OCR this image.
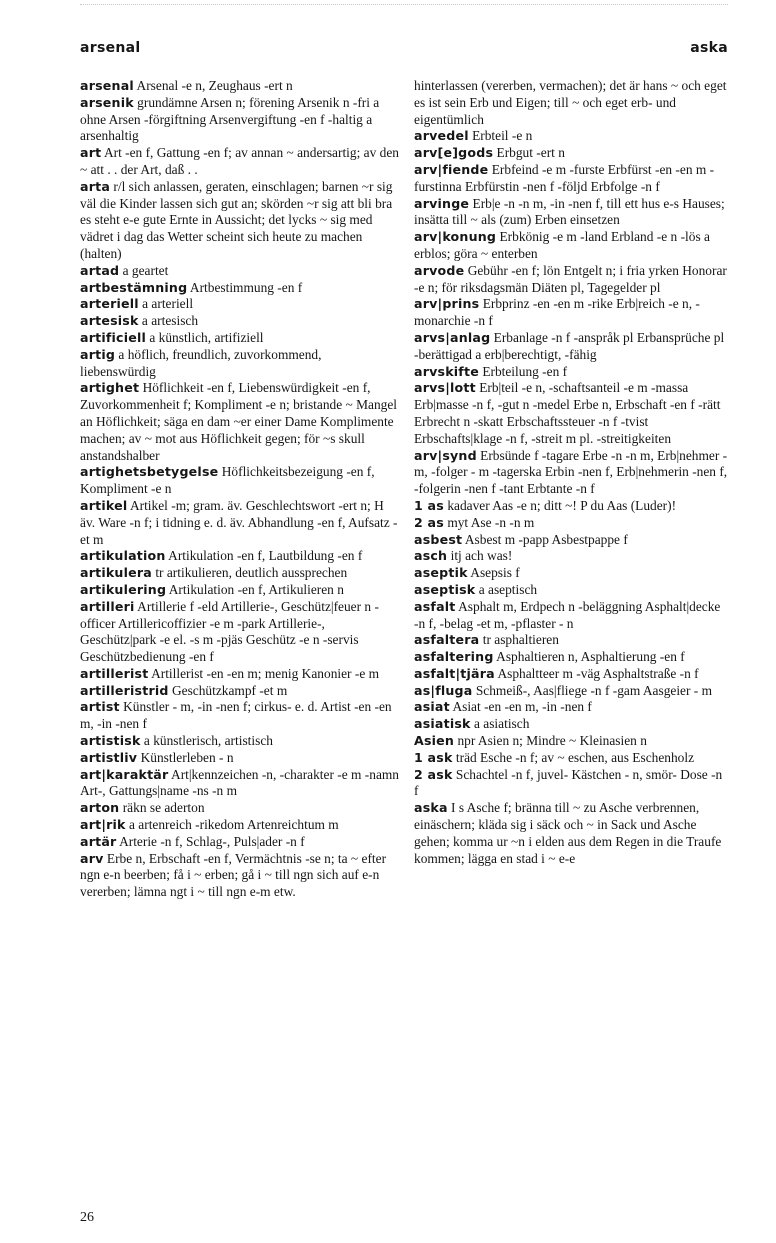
arsenal	aska
arsenal Arsenal -e n, Zeughaus -ert n
arsenik grundämne Arsen n; förening Arsenik n -fri a ohne Arsen -förgiftning Arsenvergiftung -en f -haltig a arsenhaltig
art Art -en f, Gattung -en f; av annan ~ andersartig; av den ~ att . . der Art, daß . .
arta r/l sich anlassen, geraten, einschlagen; barnen ~r sig väl die Kinder lassen sich gut an; skörden ~r sig att bli bra es steht e-e gute Ernte in Aussicht; det lycks ~ sig med vädret i dag das Wetter scheint sich heute zu machen (halten)
artad a geartet
artbestämning Artbestimmung -en f
arteriell a arteriell
artesisk a artesisch
artificiell a künstlich, artifiziell
artig a höflich, freundlich, zuvorkommend, liebenswürdig
artighet Höflichkeit -en f, Liebenswürdigkeit -en f, Zuvorkommenheit f; Kompliment -e n; bristande ~ Mangel an Höflichkeit; säga en dam ~er einer Dame Komplimente machen; av ~ mot aus Höflichkeit gegen; för ~s skull anstandshalber
artighetsbetygelse Höflichkeitsbezeigung -en f, Kompliment -e n
artikel Artikel -m; gram. äv. Geschlechtswort -ert n; H äv. Ware -n f; i tidning e. d. äv. Abhandlung -en f, Aufsatz -et m
artikulation Artikulation -en f, Lautbildung -en f
artikulera tr artikulieren, deutlich aussprechen
artikulering Artikulation -en f, Artikulieren n
artilleri Artillerie f -eld Artillerie-, Geschütz|feuer n -officer Artillericoffizier -e m -park Artillerie-, Geschütz|park -e el. -s m -pjäs Geschütz -e n -servis Geschützbedienung -en f
artillerist Artillerist -en -en m; menig Kanonier -e m
artilleristrid Geschützkampf -et m
artist Künstler - m, -in -nen f; cirkus- e. d. Artist -en -en m, -in -nen f
artistisk a künstlerisch, artistisch
artistliv Künstlerleben - n
art|karaktär Art|kennzeichen -n, -charakter -e m -namn Art-, Gattungs|name -ns -n m
arton räkn se aderton
art|rik a artenreich -rikedom Artenreichtum m
artär Arterie -n f, Schlag-, Puls|ader -n f
arv Erbe n, Erbschaft -en f, Vermächtnis -se n; ta ~ efter ngn e-n beerben; få i ~ erben; gå i ~ till ngn sich auf e-n vererben; lämna ngt i ~ till ngn e-m etw.
hinterlassen (vererben, vermachen); det är hans ~ och eget es ist sein Erb und Eigen; till ~ och eget erb- und eigentümlich
arvedel Erbteil -e n
arv[e]gods Erbgut -ert n
arv|fiende Erbfeind -e m -furste Erbfürst -en -en m -furstinna Erbfürstin -nen f -följd Erbfolge -n f
arvinge Erb|e -n -n m, -in -nen f, till ett hus e-s Hauses; insätta till ~ als (zum) Erben einsetzen
arv|konung Erbkönig -e m -land Erbland -e n -lös a erblos; göra ~ enterben
arvode Gebühr -en f; lön Entgelt n; i fria yrken Honorar -e n; för riksdagsmän Diäten pl, Tagegelder pl
arv|prins Erbprinz -en -en m -rike Erb|reich -e n, -monarchie -n f
arvs|anlag Erbanlage -n f -anspråk pl Erbansprüche pl -berättigad a erb|berechtigt, -fähig
arvskifte Erbteilung -en f
arvs|lott Erb|teil -e n, -schaftsanteil -e m -massa Erb|masse -n f, -gut n -medel Erbe n, Erbschaft -en f -rätt Erbrecht n -skatt Erbschaftssteuer -n f -tvist Erbschafts|klage -n f, -streit m pl. -streitigkeiten
arv|synd Erbsünde f -tagare Erbe -n -n m, Erb|nehmer - m, -folger - m -tagerska Erbin -nen f, Erb|nehmerin -nen f, -folgerin -nen f -tant Erbtante -n f
1 as kadaver Aas -e n; ditt ~! P du Aas (Luder)!
2 as myt Ase -n -n m
asbest Asbest m -papp Asbestpappe f
asch itj ach was!
aseptik Asepsis f
aseptisk a aseptisch
asfalt Asphalt m, Erdpech n -beläggning Asphalt|decke -n f, -belag -et m, -pflaster - n
asfaltera tr asphaltieren
asfaltering Asphaltieren n, Asphaltierung -en f
asfalt|tjära Asphaltteer m -väg Asphaltstraße -n f
as|fluga Schmeiß-, Aas|fliege -n f -gam Aasgeier - m
asiat Asiat -en -en m, -in -nen f
asiatisk a asiatisch
Asien npr Asien n; Mindre ~ Kleinasien n
1 ask träd Esche -n f; av ~ eschen, aus Eschenholz
2 ask Schachtel -n f, juvel- Kästchen - n, smör- Dose -n f
aska I s Asche f; bränna till ~ zu Asche verbrennen, einäschern; kläda sig i säck och ~ in Sack und Asche gehen; komma ur ~n i elden aus dem Regen in die Traufe kommen; lägga en stad i ~ e-e
26
